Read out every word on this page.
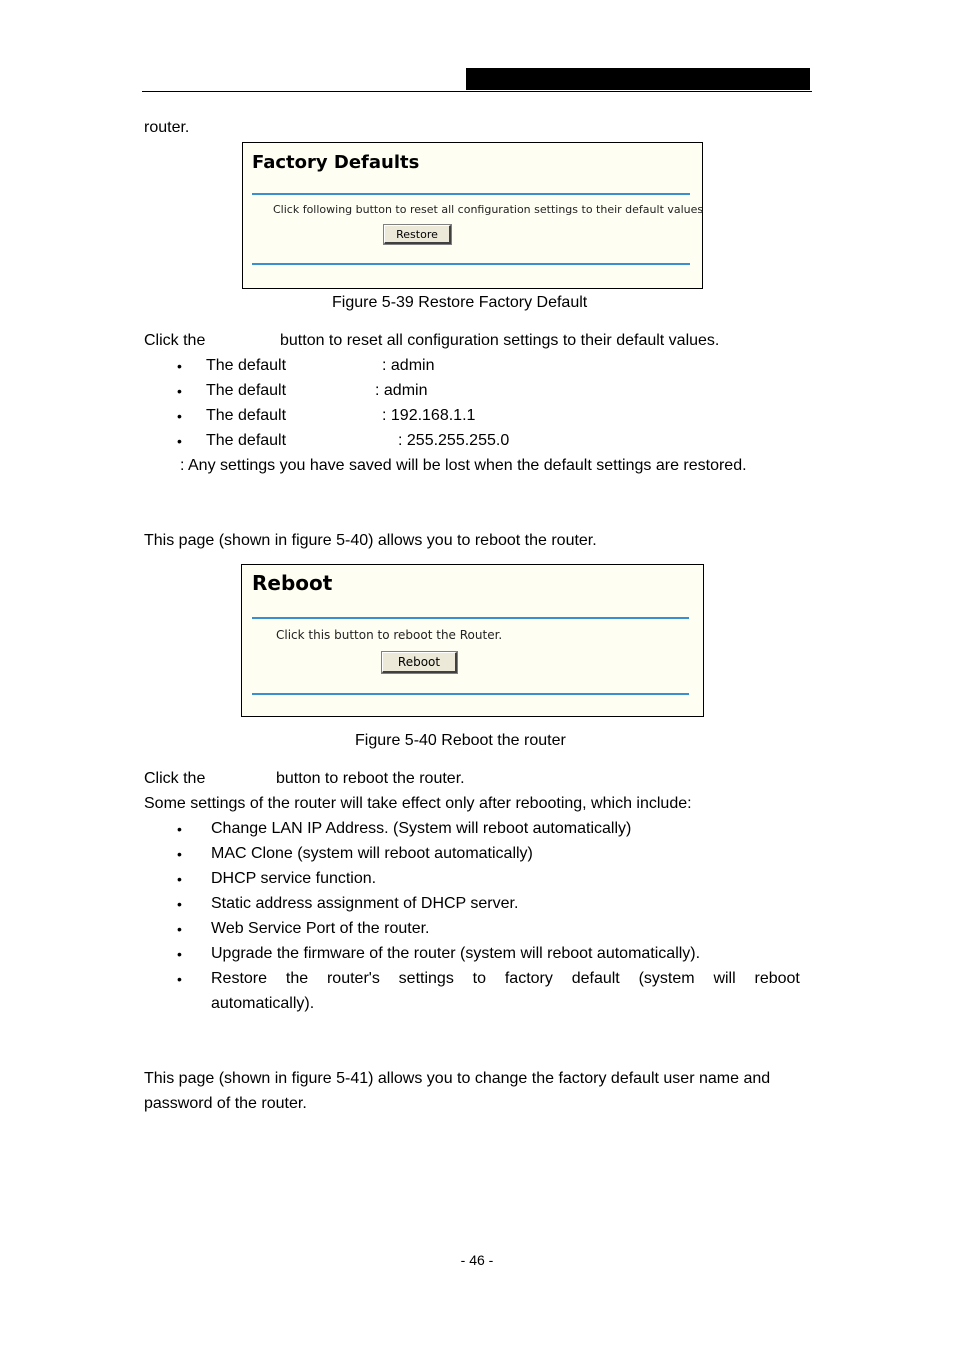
router.
Factory Defaults
Click following button to reset all configuration settings to their default values
Restore
Figure 5-39 Restore Factory Default
Click the	button to reset all configuration settings to their default values.
• The default	: admin
• The default	: admin
• The default	: 192.168.1.1
• The default	: 255.255.255.0
: Any settings you have saved will be lost when the default settings are restored.
This page (shown in figure 5-40) allows you to reboot the router.
Reboot
Click this button to reboot the Router.
Reboot
Figure 5-40 Reboot the router
Click the	button to reboot the router.
Some settings of the router will take effect only after rebooting, which include:
• Change LAN IP Address. (System will reboot automatically)
• MAC Clone (system will reboot automatically)
• DHCP service function.
• Static address assignment of DHCP server.
• Web Service Port of the router.
• Upgrade the firmware of the router (system will reboot automatically).
• Restore the router's settings to factory default (system will reboot
automatically).
This page (shown in figure 5-41) allows you to change the factory default user name and
password of the router.
- 46 -
